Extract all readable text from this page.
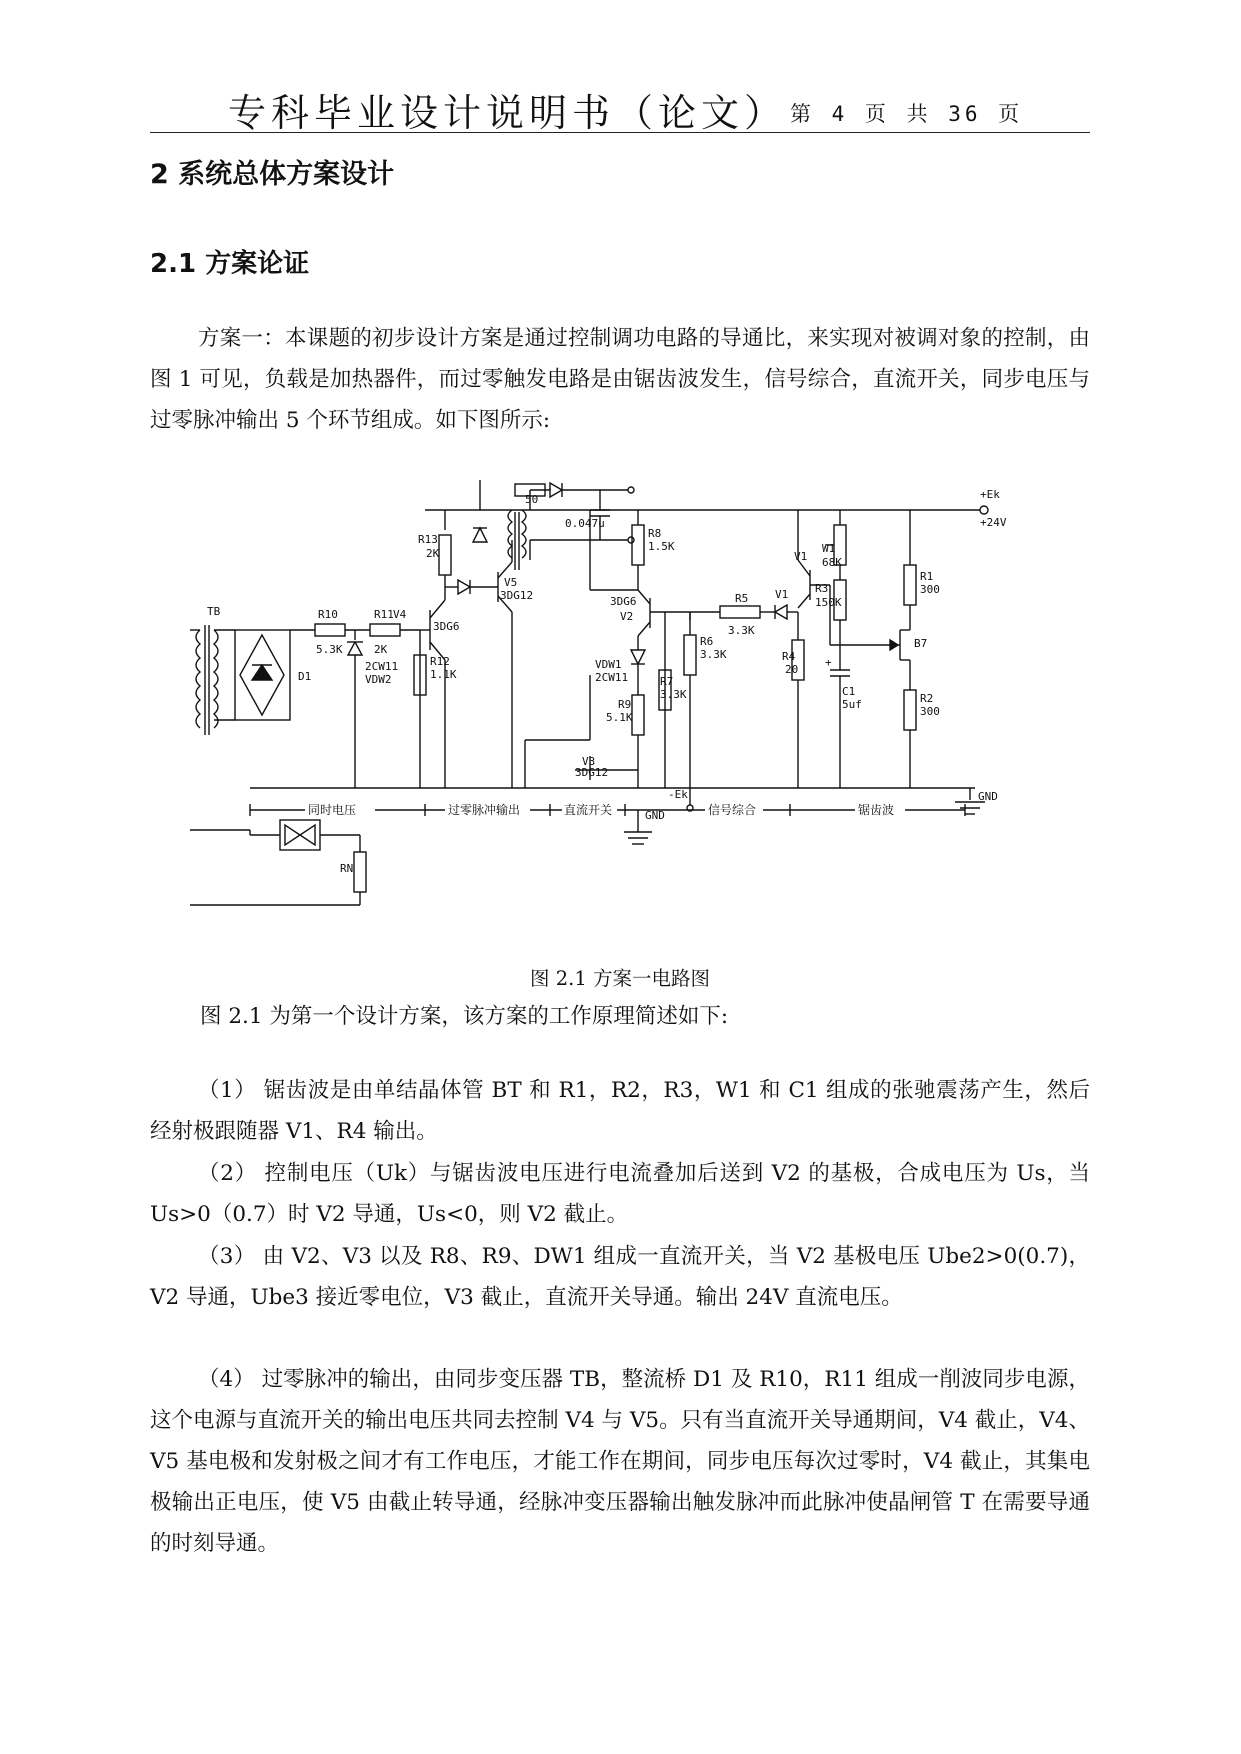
专科毕业设计说明书（论文） 第 4 页 共 36 页
2 系统总体方案设计
2.1 方案论证
方案一：本课题的初步设计方案是通过控制调功电路的导通比，来实现对被调对象的控制，由图 1 可见，负载是加热器件，而过零触发电路是由锯齿波发生，信号综合，直流开关，同步电压与过零脉冲输出 5 个环节组成。如下图所示:
+Ek
+24V
GND
TB
D1
R10
5.3K
R11
2K
2CW11
VDW2
R12
1.1K
V4
3DG6
R13
2K
V5
3DG12
50
0.047u
R8
1.5K
3DG6
V2
VDW1
2CW11
R9
5.1K
V3
3DG12
R7
3.3K
R6
3.3K
R5
3.3K
V1
V1
R4
20
W1
68K
R3
150K
+
C1
5uf
R1
300
B7
R2
300
同时电压	过零脉冲输出	直流开关	信号综合	锯齿波
-Ek
GND
RN
图 2.1 方案一电路图
图 2.1 为第一个设计方案，该方案的工作原理简述如下:
（1） 锯齿波是由单结晶体管 BT 和 R1，R2，R3，W1 和 C1 组成的张驰震荡产生，然后经射极跟随器 V1、R4 输出。
（2） 控制电压（Uk）与锯齿波电压进行电流叠加后送到 V2 的基极，合成电压为 Us，当 Us>0（0.7）时 V2 导通，Us<0，则 V2 截止。
（3） 由 V2、V3 以及 R8、R9、DW1 组成一直流开关，当 V2 基极电压 Ube2>0(0.7)，V2 导通，Ube3 接近零电位，V3 截止，直流开关导通。输出 24V 直流电压。
（4） 过零脉冲的输出，由同步变压器 TB，整流桥 D1 及 R10，R11 组成一削波同步电源，这个电源与直流开关的输出电压共同去控制 V4 与 V5。只有当直流开关导通期间，V4 截止，V4、V5 基电极和发射极之间才有工作电压，才能工作在期间，同步电压每次过零时，V4 截止，其集电极输出正电压，使 V5 由截止转导通，经脉冲变压器输出触发脉冲而此脉冲使晶闸管 T 在需要导通的时刻导通。
